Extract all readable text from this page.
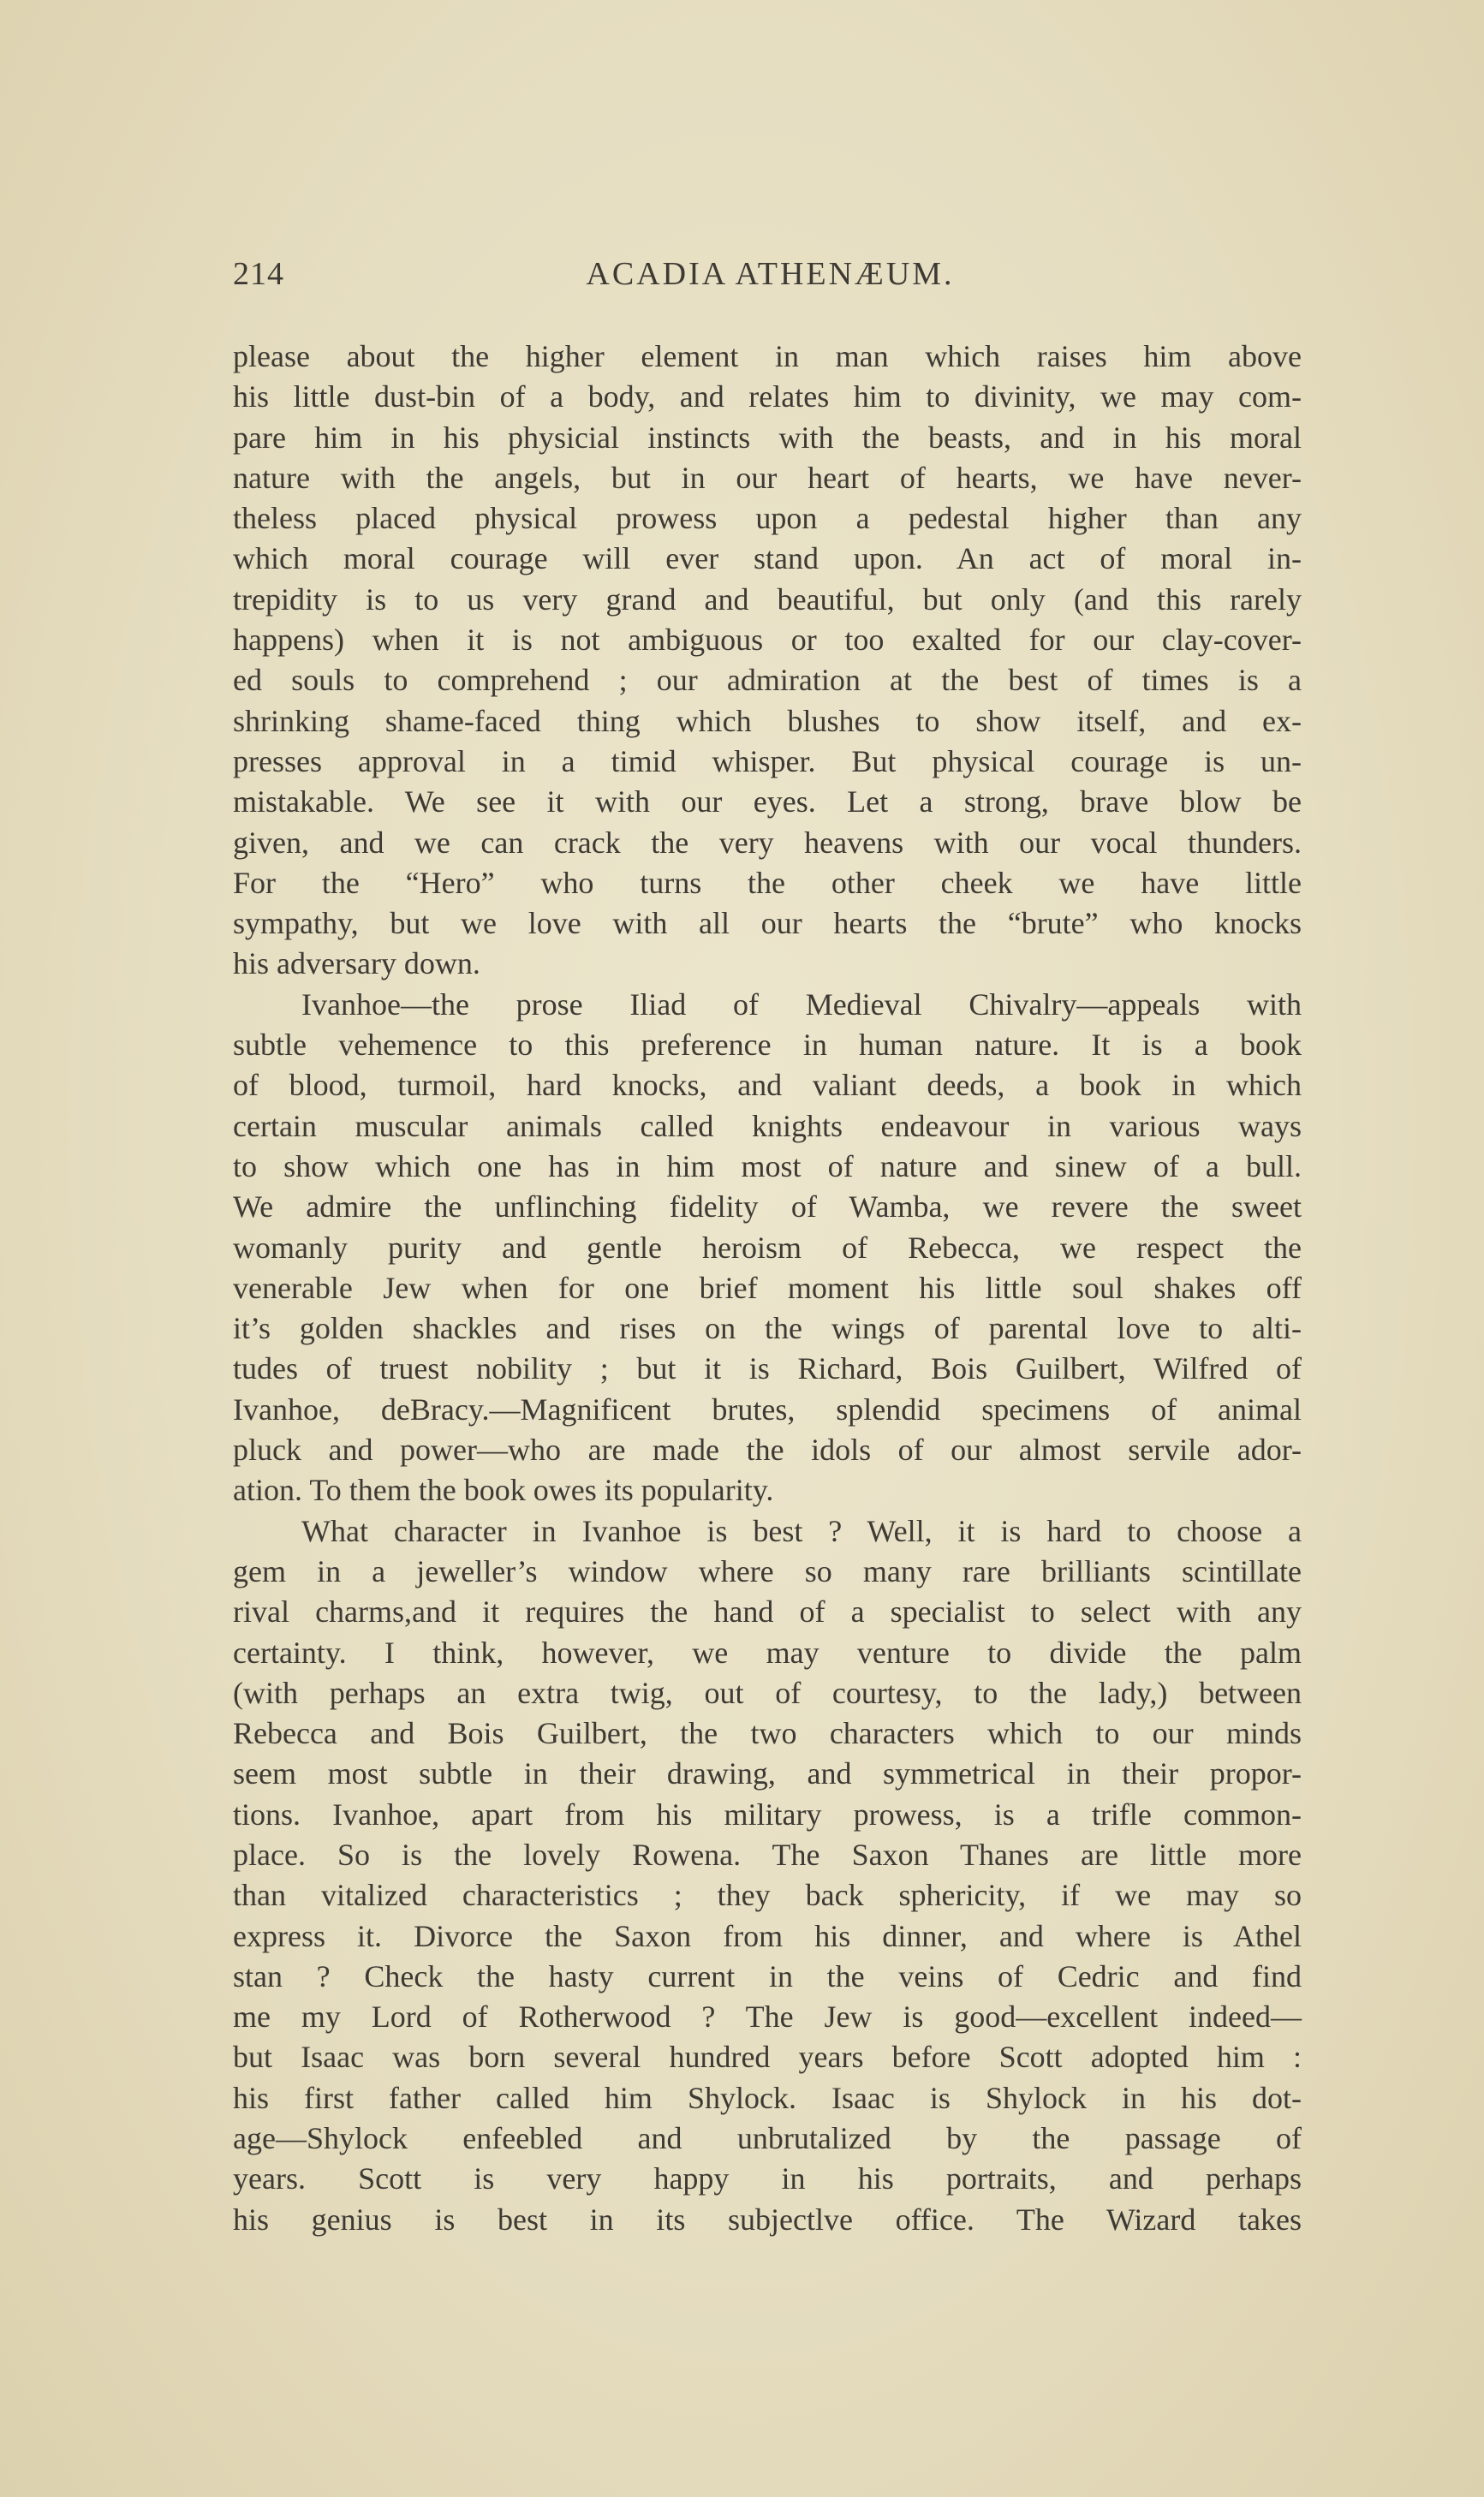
214	ACADIA ATHENÆUM.
please about the higher element in man which raises him above
his little dust-bin of a body, and relates him to divinity, we may com-
pare him in his physicial instincts with the beasts, and in his moral
nature with the angels, but in our heart of hearts, we have never-
theless placed physical prowess upon a pedestal higher than any
which moral courage will ever stand upon. An act of moral in-
trepidity is to us very grand and beautiful, but only (and this rarely
happens) when it is not ambiguous or too exalted for our clay-cover-
ed souls to comprehend ; our admiration at the best of times is a
shrinking shame-faced thing which blushes to show itself, and ex-
presses approval in a timid whisper. But physical courage is un-
mistakable. We see it with our eyes. Let a strong, brave blow be
given, and we can crack the very heavens with our vocal thunders.
For the “Hero” who turns the other cheek we have little
sympathy, but we love with all our hearts the “brute” who knocks
his adversary down.
Ivanhoe—the prose Iliad of Medieval Chivalry—appeals with
subtle vehemence to this preference in human nature. It is a book
of blood, turmoil, hard knocks, and valiant deeds, a book in which
certain muscular animals called knights endeavour in various ways
to show which one has in him most of nature and sinew of a bull.
We admire the unflinching fidelity of Wamba, we revere the sweet
womanly purity and gentle heroism of Rebecca, we respect the
venerable Jew when for one brief moment his little soul shakes off
it’s golden shackles and rises on the wings of parental love to alti-
tudes of truest nobility ; but it is Richard, Bois Guilbert, Wilfred of
Ivanhoe, deBracy.—Magnificent brutes, splendid specimens of animal
pluck and power—who are made the idols of our almost servile ador-
ation. To them the book owes its popularity.
What character in Ivanhoe is best ? Well, it is hard to choose a
gem in a jeweller’s window where so many rare brilliants scintillate
rival charms,and it requires the hand of a specialist to select with any
certainty. I think, however, we may venture to divide the palm
(with perhaps an extra twig, out of courtesy, to the lady,) between
Rebecca and Bois Guilbert, the two characters which to our minds
seem most subtle in their drawing, and symmetrical in their propor-
tions. Ivanhoe, apart from his military prowess, is a trifle common-
place. So is the lovely Rowena. The Saxon Thanes are little more
than vitalized characteristics ; they back sphericity, if we may so
express it. Divorce the Saxon from his dinner, and where is Athel
stan ? Check the hasty current in the veins of Cedric and find
me my Lord of Rotherwood ? The Jew is good—excellent indeed—
but Isaac was born several hundred years before Scott adopted him :
his first father called him Shylock. Isaac is Shylock in his dot-
age—Shylock enfeebled and unbrutalized by the passage of
years. Scott is very happy in his portraits, and perhaps
his genius is best in its subjectlve office. The Wizard takes
